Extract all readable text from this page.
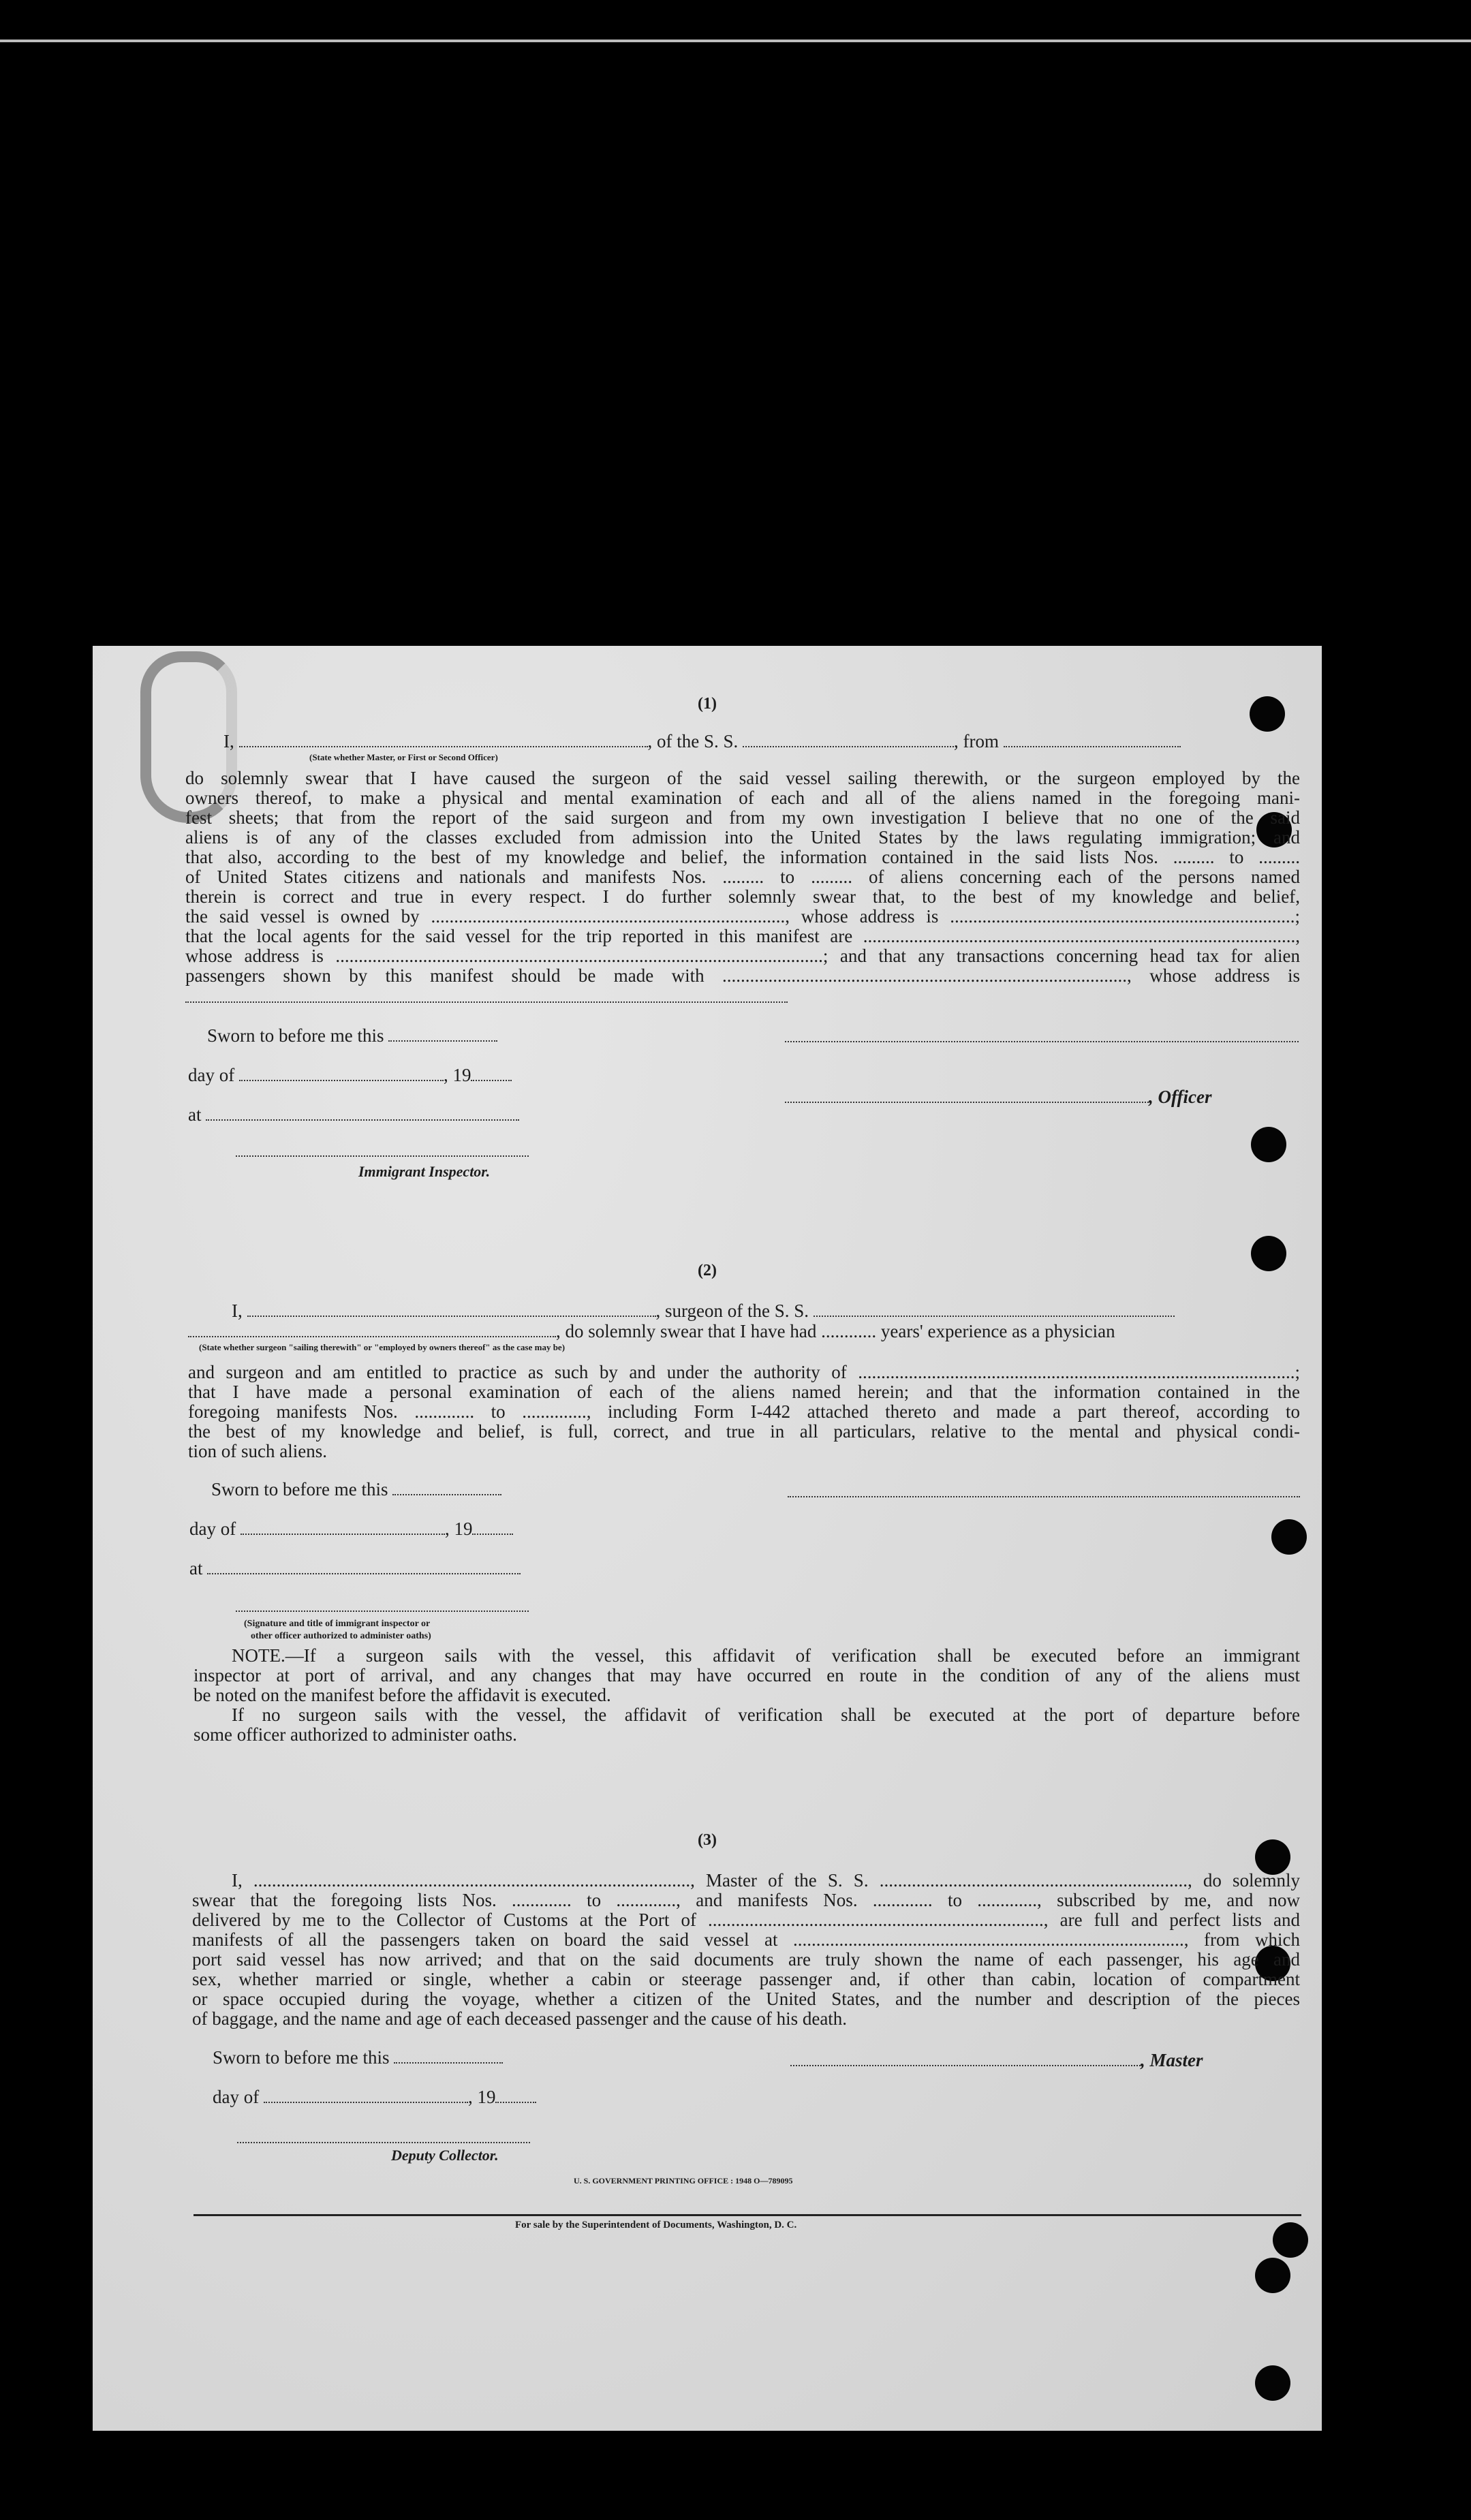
(1)
I,	, of the S. S.	, from
(State whether Master, or First or Second Officer)
do solemnly swear that I have caused the surgeon of the said vessel sailing therewith, or the surgeon employed by the
owners thereof, to make a physical and mental examination of each and all of the aliens named in the foregoing mani-
fest sheets; that from the report of the said surgeon and from my own investigation I believe that no one of the said
aliens is of any of the classes excluded from admission into the United States by the laws regulating immigration; and
that also, according to the best of my knowledge and belief, the information contained in the said lists Nos. ......... to .........
of United States citizens and nationals and manifests Nos. ......... to ......... of aliens concerning each of the persons named
therein is correct and true in every respect. I do further solemnly swear that, to the best of my knowledge and belief,
the said vessel is owned by ............................................................................., whose address is ...........................................................................;
that the local agents for the said vessel for the trip reported in this manifest are ..............................................................................................,
whose address is ..........................................................................................................; and that any transactions concerning head tax for alien
passengers shown by this manifest should be made with ........................................................................................, whose address is
Sworn to before me this
day of	, 19
at
, Officer
Immigrant Inspector.
(2)
I,	, surgeon of the S. S.
, do solemnly swear that I have had ............ years' experience as a physician
(State whether surgeon "sailing therewith" or "employed by owners thereof" as the case may be)
and surgeon and am entitled to practice as such by and under the authority of ...............................................................................................;
that I have made a personal examination of each of the aliens named herein; and that the information contained in the
foregoing manifests Nos. ............. to .............., including Form I-442 attached thereto and made a part thereof, according to
the best of my knowledge and belief, is full, correct, and true in all particulars, relative to the mental and physical condi-
tion of such aliens.
Sworn to before me this
day of	, 19
at
(Signature and title of immigrant inspector or
other officer authorized to administer oaths)
NOTE.—If a surgeon sails with the vessel, this affidavit of verification shall be executed before an immigrant
inspector at port of arrival, and any changes that may have occurred en route in the condition of any of the aliens must
be noted on the manifest before the affidavit is executed.
If no surgeon sails with the vessel, the affidavit of verification shall be executed at the port of departure before
some officer authorized to administer oaths.
(3)
I, ..............................................................................................., Master of the S. S. ..................................................................., do solemnly
swear that the foregoing lists Nos. ............. to ............., and manifests Nos. ............. to ............., subscribed by me, and now
delivered by me to the Collector of Customs at the Port of ........................................................................., are full and perfect lists and
manifests of all the passengers taken on board the said vessel at ....................................................................................., from which
port said vessel has now arrived; and that on the said documents are truly shown the name of each passenger, his age and
sex, whether married or single, whether a cabin or steerage passenger and, if other than cabin, location of compartment
or space occupied during the voyage, whether a citizen of the United States, and the number and description of the pieces
of baggage, and the name and age of each deceased passenger and the cause of his death.
Sworn to before me this	, Master
day of	, 19
Deputy Collector.
U. S. GOVERNMENT PRINTING OFFICE : 1948 O—789095
For sale by the Superintendent of Documents, Washington, D. C.
